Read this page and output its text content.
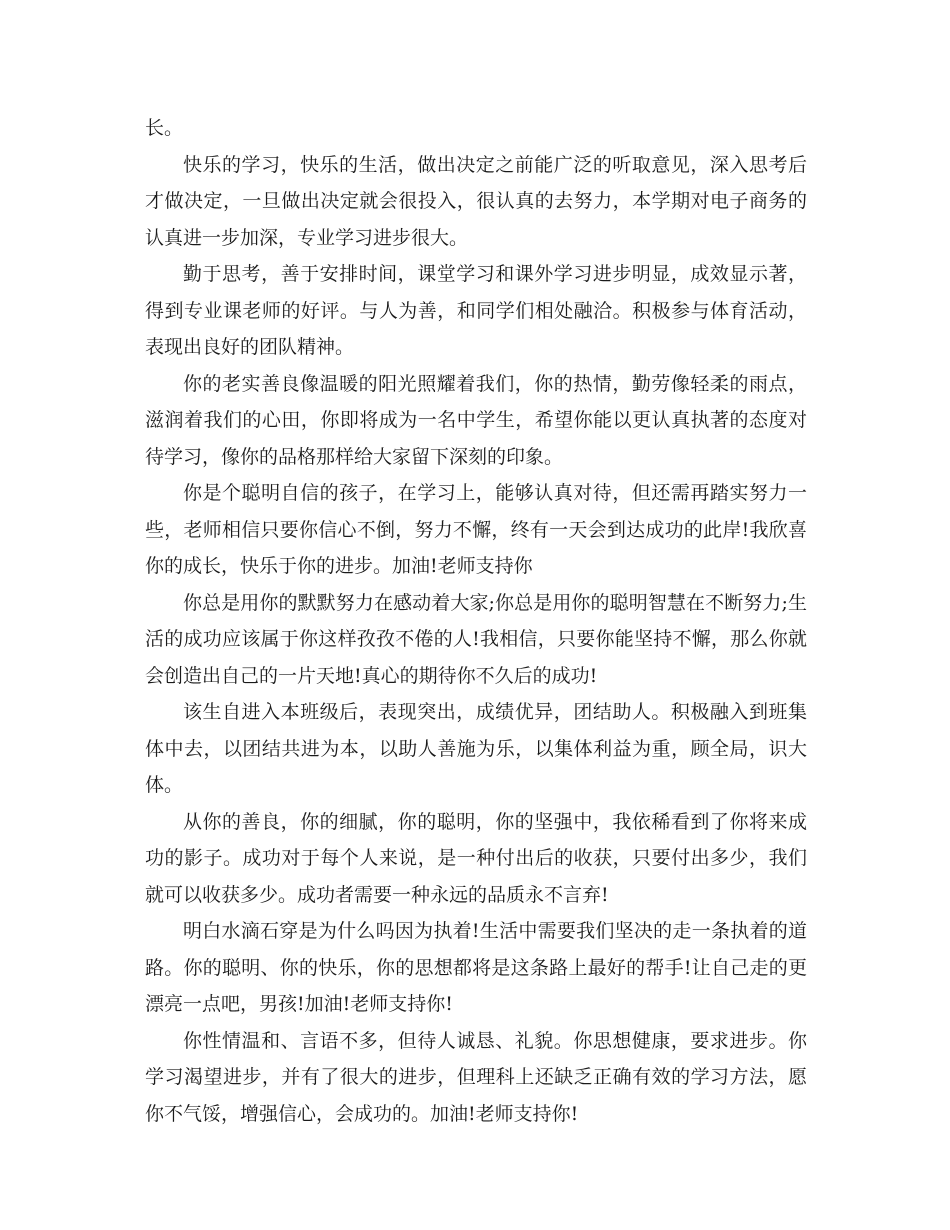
长。

快乐的学习，快乐的生活，做出决定之前能广泛的听取意见，深入思考后才做决定，一旦做出决定就会很投入，很认真的去努力，本学期对电子商务的认真进一步加深，专业学习进步很大。

勤于思考，善于安排时间，课堂学习和课外学习进步明显，成效显示著，得到专业课老师的好评。与人为善，和同学们相处融洽。积极参与体育活动，表现出良好的团队精神。

你的老实善良像温暖的阳光照耀着我们，你的热情，勤劳像轻柔的雨点，滋润着我们的心田，你即将成为一名中学生，希望你能以更认真执著的态度对待学习，像你的品格那样给大家留下深刻的印象。

你是个聪明自信的孩子，在学习上，能够认真对待，但还需再踏实努力一些，老师相信只要你信心不倒，努力不懈，终有一天会到达成功的此岸!我欣喜你的成长，快乐于你的进步。加油!老师支持你

你总是用你的默默努力在感动着大家;你总是用你的聪明智慧在不断努力;生活的成功应该属于你这样孜孜不倦的人!我相信，只要你能坚持不懈，那么你就会创造出自己的一片天地!真心的期待你不久后的成功!

该生自进入本班级后，表现突出，成绩优异，团结助人。积极融入到班集体中去，以团结共进为本，以助人善施为乐，以集体利益为重，顾全局，识大体。

从你的善良，你的细腻，你的聪明，你的坚强中，我依稀看到了你将来成功的影子。成功对于每个人来说，是一种付出后的收获，只要付出多少，我们就可以收获多少。成功者需要一种永远的品质永不言弃!

明白水滴石穿是为什么吗因为执着!生活中需要我们坚决的走一条执着的道路。你的聪明、你的快乐，你的思想都将是这条路上最好的帮手!让自己走的更漂亮一点吧，男孩!加油!老师支持你!

你性情温和、言语不多，但待人诚恳、礼貌。你思想健康，要求进步。你学习渴望进步，并有了很大的进步，但理科上还缺乏正确有效的学习方法，愿你不气馁，增强信心，会成功的。加油!老师支持你!
